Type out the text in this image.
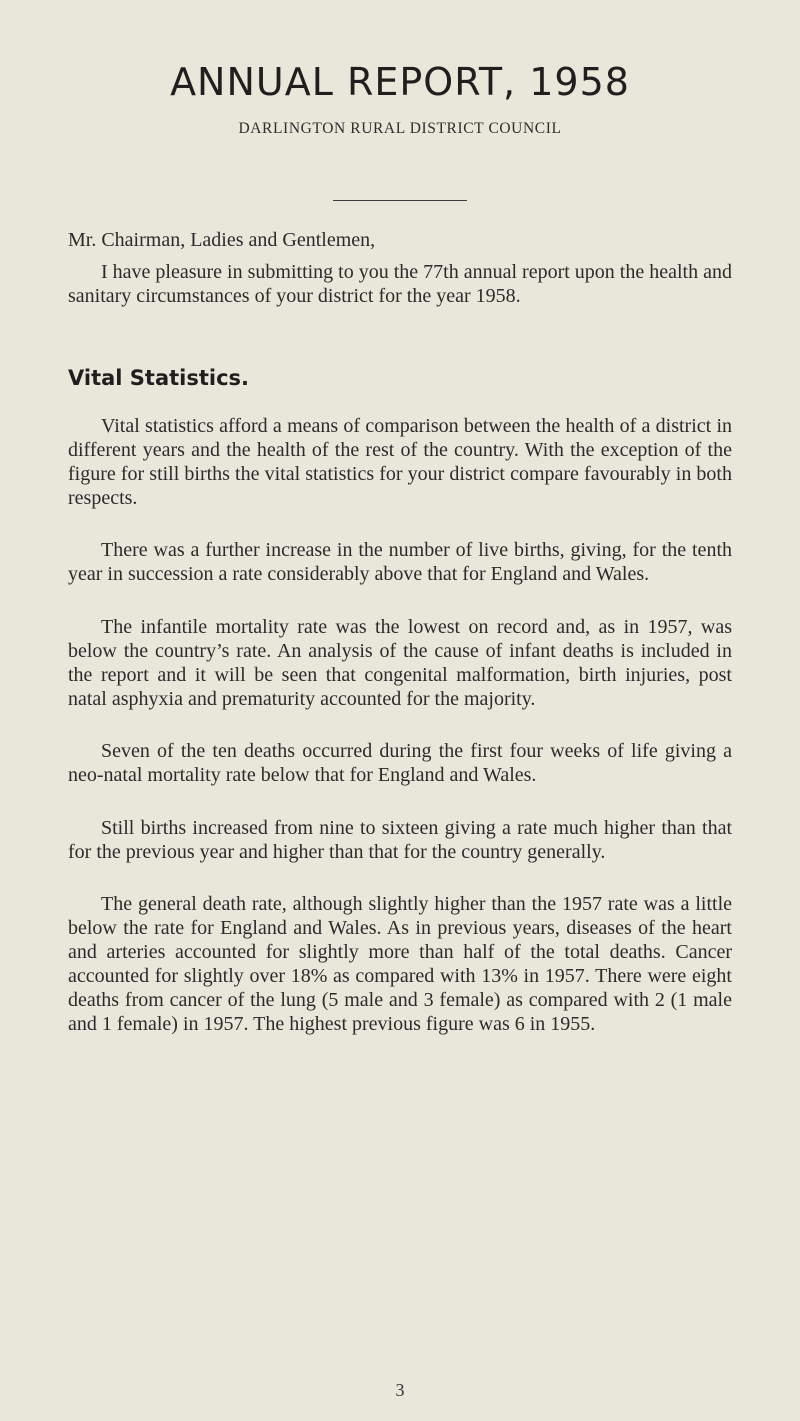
ANNUAL REPORT, 1958
DARLINGTON RURAL DISTRICT COUNCIL

Mr. Chairman, Ladies and Gentlemen,

I have pleasure in submitting to you the 77th annual report upon the health and sanitary circumstances of your district for the year 1958.

Vital Statistics.

Vital statistics afford a means of comparison between the health of a district in different years and the health of the rest of the country. With the exception of the figure for still births the vital statistics for your district compare favourably in both respects.

There was a further increase in the number of live births, giving, for the tenth year in succession a rate considerably above that for England and Wales.

The infantile mortality rate was the lowest on record and, as in 1957, was below the country’s rate. An analysis of the cause of infant deaths is included in the report and it will be seen that congenital malformation, birth injuries, post natal asphyxia and prematurity accounted for the majority.

Seven of the ten deaths occurred during the first four weeks of life giving a neo-natal mortality rate below that for England and Wales.

Still births increased from nine to sixteen giving a rate much higher than that for the previous year and higher than that for the country generally.

The general death rate, although slightly higher than the 1957 rate was a little below the rate for England and Wales. As in previous years, diseases of the heart and arteries accounted for slightly more than half of the total deaths. Cancer accounted for slightly over 18% as compared with 13% in 1957. There were eight deaths from cancer of the lung (5 male and 3 female) as compared with 2 (1 male and 1 female) in 1957. The highest previous figure was 6 in 1955.

3
